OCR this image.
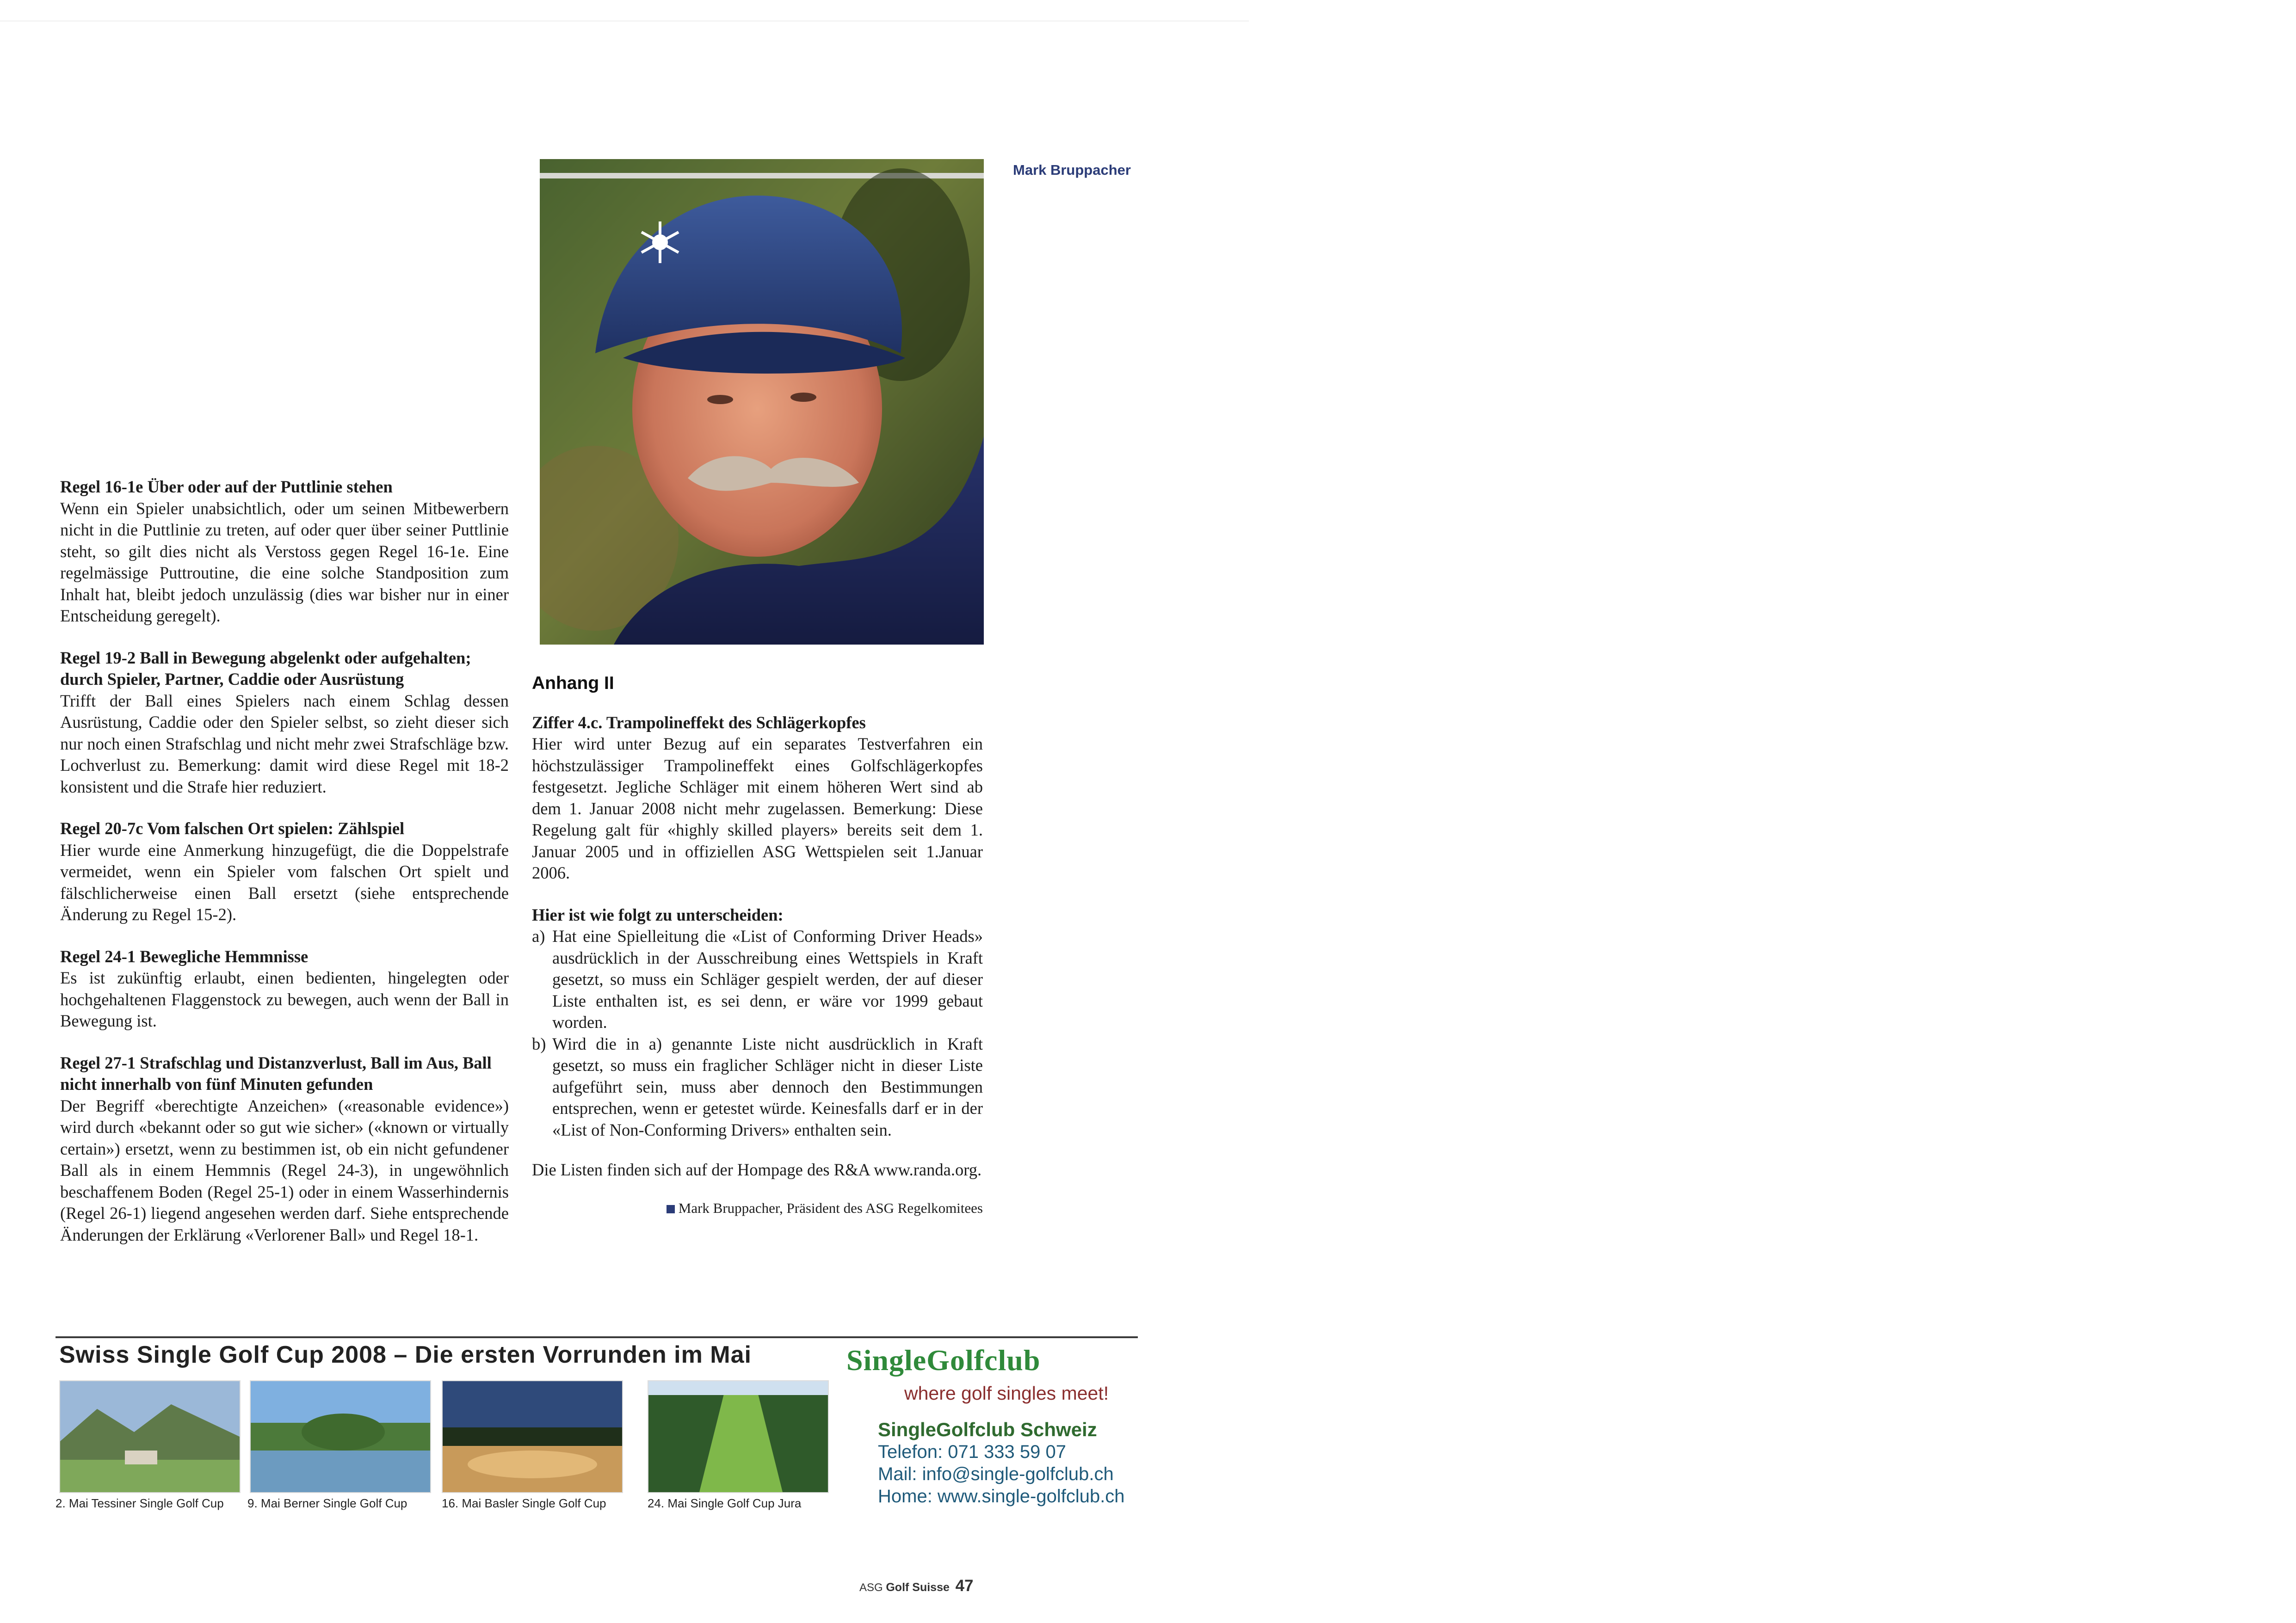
Mark Bruppacher
Regel 16-1e Über oder auf der Puttlinie stehen
Wenn ein Spieler unabsichtlich, oder um seinen Mitbewerbern nicht in die Puttlinie zu treten, auf oder quer über seiner Puttlinie steht, so gilt dies nicht als Verstoss gegen Regel 16-1e. Eine regelmässige Puttroutine, die eine solche Standposition zum Inhalt hat, bleibt jedoch unzulässig (dies war bisher nur in einer Entscheidung geregelt).
Regel 19-2 Ball in Bewegung abgelenkt oder aufgehalten; durch Spieler, Partner, Caddie oder Ausrüstung
Trifft der Ball eines Spielers nach einem Schlag dessen Ausrüstung, Caddie oder den Spieler selbst, so zieht dieser sich nur noch einen Strafschlag und nicht mehr zwei Strafschläge bzw. Lochverlust zu. Bemerkung: damit wird diese Regel mit 18-2 konsistent und die Strafe hier reduziert.
Regel 20-7c Vom falschen Ort spielen: Zählspiel
Hier wurde eine Anmerkung hinzugefügt, die die Doppelstrafe vermeidet, wenn ein Spieler vom falschen Ort spielt und fälschlicherweise einen Ball ersetzt (siehe entsprechende Änderung zu Regel 15-2).
Regel 24-1 Bewegliche Hemmnisse
Es ist zukünftig erlaubt, einen bedienten, hingelegten oder hochgehaltenen Flaggenstock zu bewegen, auch wenn der Ball in Bewegung ist.
Regel 27-1 Strafschlag und Distanzverlust, Ball im Aus, Ball nicht innerhalb von fünf Minuten gefunden
Der Begriff «berechtigte Anzeichen» («reasonable evidence») wird durch «bekannt oder so gut wie sicher» («known or virtually certain») ersetzt, wenn zu bestimmen ist, ob ein nicht gefundener Ball als in einem Hemmnis (Regel 24-3), in ungewöhnlich beschaffenem Boden (Regel 25-1) oder in einem Wasserhindernis (Regel 26-1) liegend angesehen werden darf. Siehe entsprechende Änderungen der Erklärung «Verlorener Ball» und Regel 18-1.
Anhang II
Ziffer 4.c. Trampolineffekt des Schlägerkopfes
Hier wird unter Bezug auf ein separates Testverfahren ein höchstzulässiger Trampolineffekt eines Golfschlägerkopfes festgesetzt. Jegliche Schläger mit einem höheren Wert sind ab dem 1. Januar 2008 nicht mehr zugelassen. Bemerkung: Diese Regelung galt für «highly skilled players» bereits seit dem 1. Januar 2005 und in offiziellen ASG Wettspielen seit 1.Januar 2006.
Hier ist wie folgt zu unterscheiden:
a) Hat eine Spielleitung die «List of Conforming Driver Heads» ausdrücklich in der Ausschreibung eines Wettspiels in Kraft gesetzt, so muss ein Schläger gespielt werden, der auf dieser Liste enthalten ist, es sei denn, er wäre vor 1999 gebaut worden.
b) Wird die in a) genannte Liste nicht ausdrücklich in Kraft gesetzt, so muss ein fraglicher Schläger nicht in dieser Liste aufgeführt sein, muss aber dennoch den Bestimmungen entsprechen, wenn er getestet würde. Keinesfalls darf er in der «List of Non-Conforming Drivers» enthalten sein.
Die Listen finden sich auf der Hompage des R&A www.randa.org.
Mark Bruppacher, Präsident des ASG Regelkomitees
Swiss Single Golf Cup 2008 – Die ersten Vorrunden im Mai
2. Mai Tessiner Single Golf Cup 9. Mai Berner Single Golf Cup	16. Mai Basler Single Golf Cup	24. Mai Single Golf Cup Jura
SingleGolfclub
where golf singles meet!
SingleGolfclub Schweiz
Telefon: 071 333 59 07
Mail: info@single-golfclub.ch
Home: www.single-golfclub.ch
ASG Golf Suisse 47
